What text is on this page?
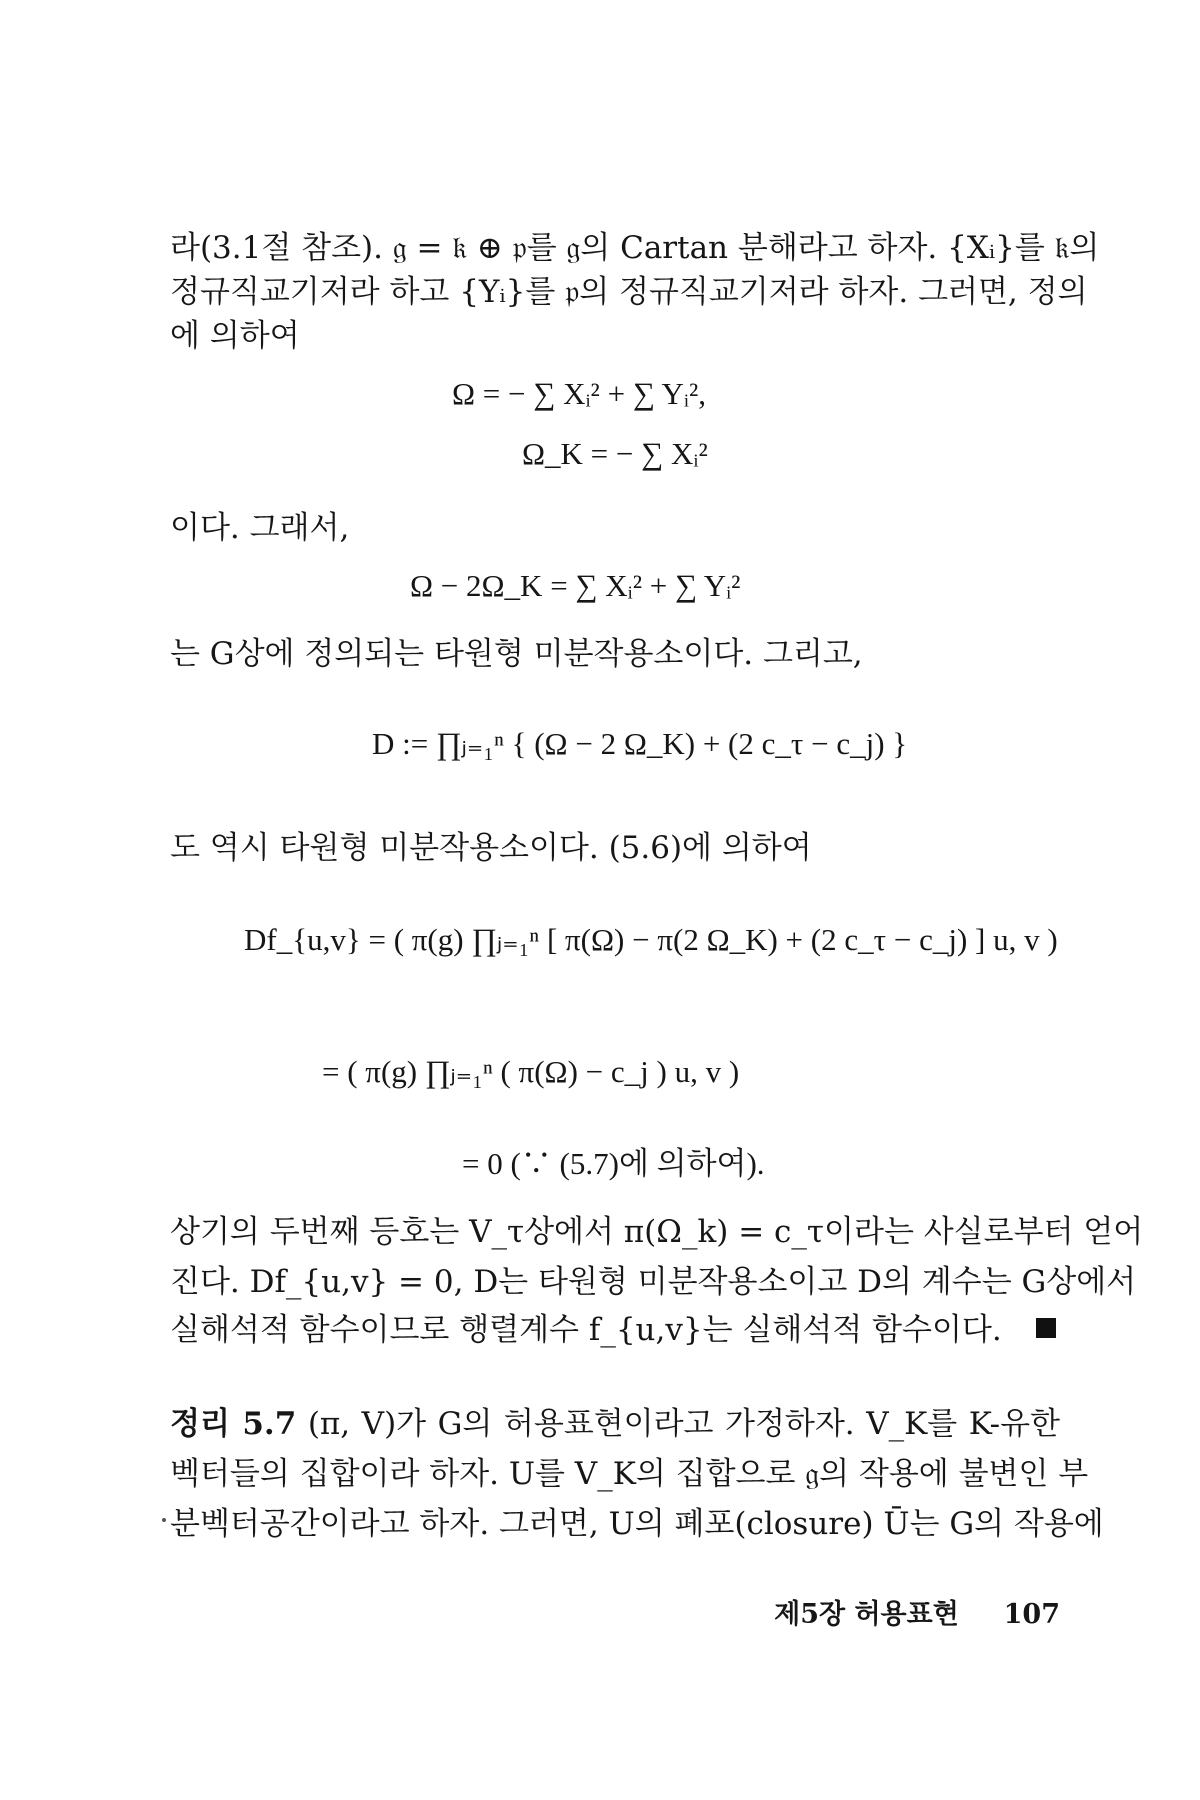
라(3.1절 참조). 𝔤 = 𝔨 ⊕ 𝔭를 𝔤의 Cartan 분해라고 하자. {Xᵢ}를 𝔨의
정규직교기저라 하고 {Yᵢ}를 𝔭의 정규직교기저라 하자. 그러면, 정의
에 의하여
Ω = − ∑ Xᵢ² + ∑ Yᵢ²,
Ω_K = − ∑ Xᵢ²
이다. 그래서,
Ω − 2Ω_K = ∑ Xᵢ² + ∑ Yᵢ²
는 G상에 정의되는 타원형 미분작용소이다. 그리고,
D := ∏ⱼ₌₁ⁿ { (Ω − 2 Ω_K) + (2 c_τ − c_j) }
도 역시 타원형 미분작용소이다. (5.6)에 의하여
Df_{u,v} = ( π(g) ∏ⱼ₌₁ⁿ [ π(Ω) − π(2 Ω_K) + (2 c_τ − c_j) ] u, v )
= ( π(g) ∏ⱼ₌₁ⁿ ( π(Ω) − c_j ) u, v )
= 0 (∵ (5.7)에 의하여).
상기의 두번째 등호는 V_τ상에서 π(Ω_k) = c_τ이라는 사실로부터 얻어
진다. Df_{u,v} = 0, D는 타원형 미분작용소이고 D의 계수는 G상에서
실해석적 함수이므로 행렬계수 f_{u,v}는 실해석적 함수이다.
정리 5.7 (π, V)가 G의 허용표현이라고 가정하자. V_K를 K-유한
벡터들의 집합이라 하자. U를 V_K의 집합으로 𝔤의 작용에 불변인 부
분벡터공간이라고 하자. 그러면, U의 폐포(closure) Ū는 G의 작용에
제5장 허용표현 107
